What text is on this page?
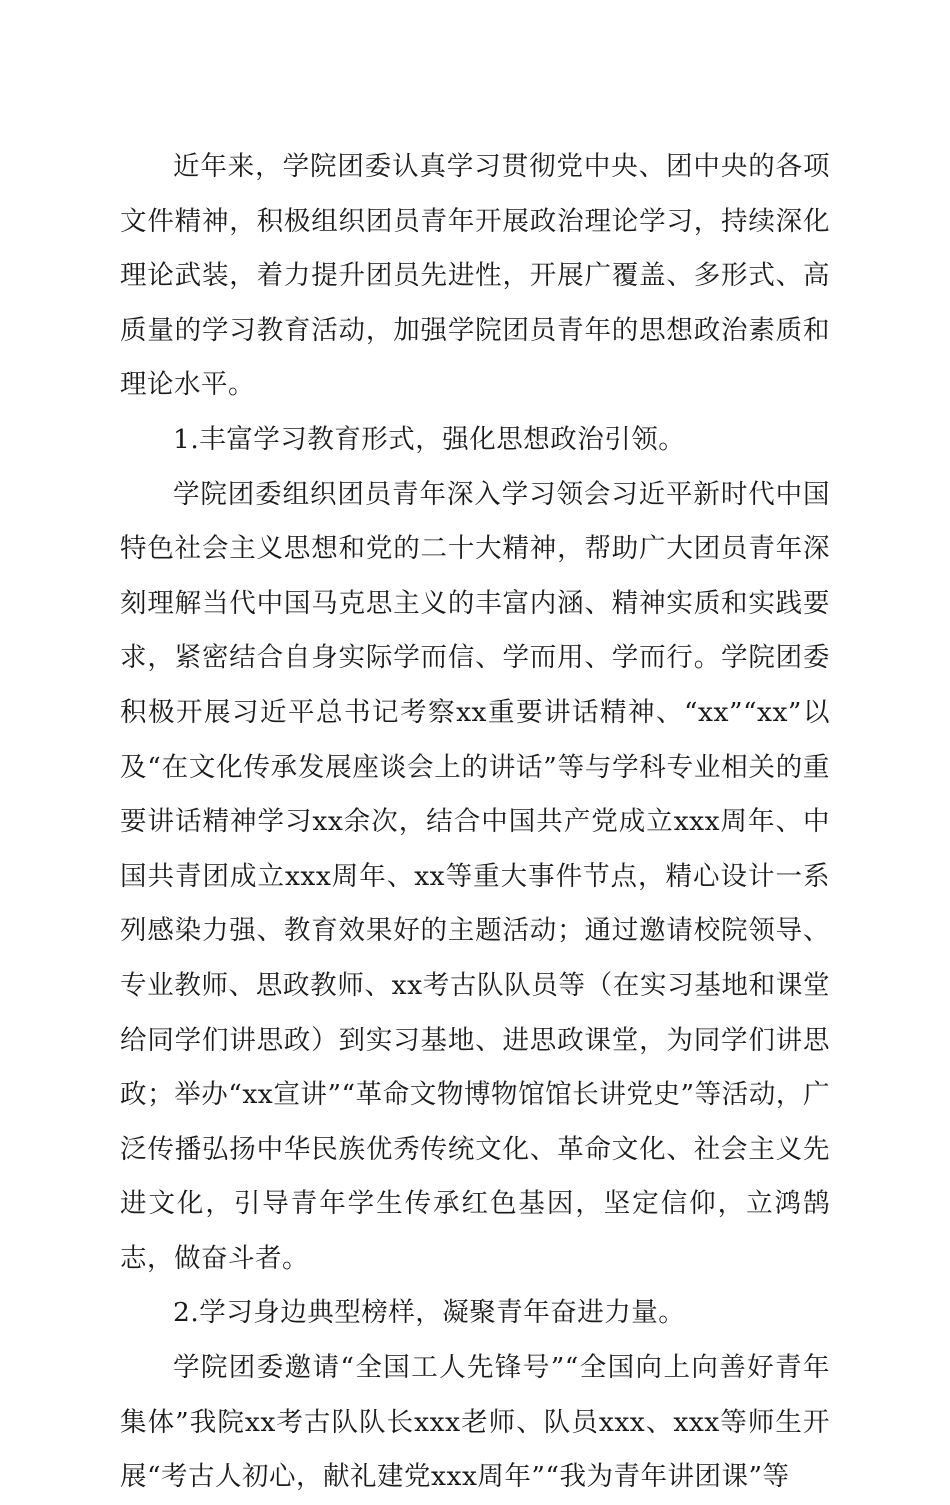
近年来，学院团委认真学习贯彻党中央、团中央的各项文件精神，积极组织团员青年开展政治理论学习，持续深化理论武装，着力提升团员先进性，开展广覆盖、多形式、高质量的学习教育活动，加强学院团员青年的思想政治素质和理论水平。

1.丰富学习教育形式，强化思想政治引领。

学院团委组织团员青年深入学习领会习近平新时代中国特色社会主义思想和党的二十大精神，帮助广大团员青年深刻理解当代中国马克思主义的丰富内涵、精神实质和实践要求，紧密结合自身实际学而信、学而用、学而行。学院团委积极开展习近平总书记考察xx重要讲话精神、“xx”“xx”以及“在文化传承发展座谈会上的讲话”等与学科专业相关的重要讲话精神学习xx余次，结合中国共产党成立xxx周年、中国共青团成立xxx周年、xx等重大事件节点，精心设计一系列感染力强、教育效果好的主题活动；通过邀请校院领导、专业教师、思政教师、xx考古队队员等（在实习基地和课堂给同学们讲思政）到实习基地、进思政课堂，为同学们讲思政；举办“xx宣讲”“革命文物博物馆馆长讲党史”等活动，广泛传播弘扬中华民族优秀传统文化、革命文化、社会主义先进文化，引导青年学生传承红色基因，坚定信仰，立鸿鹄志，做奋斗者。

2.学习身边典型榜样，凝聚青年奋进力量。

学院团委邀请“全国工人先锋号”“全国向上向善好青年集体”我院xx考古队队长xxx老师、队员xxx、xxx等师生开展“考古人初心，献礼建党xxx周年”“我为青年讲团课”等
